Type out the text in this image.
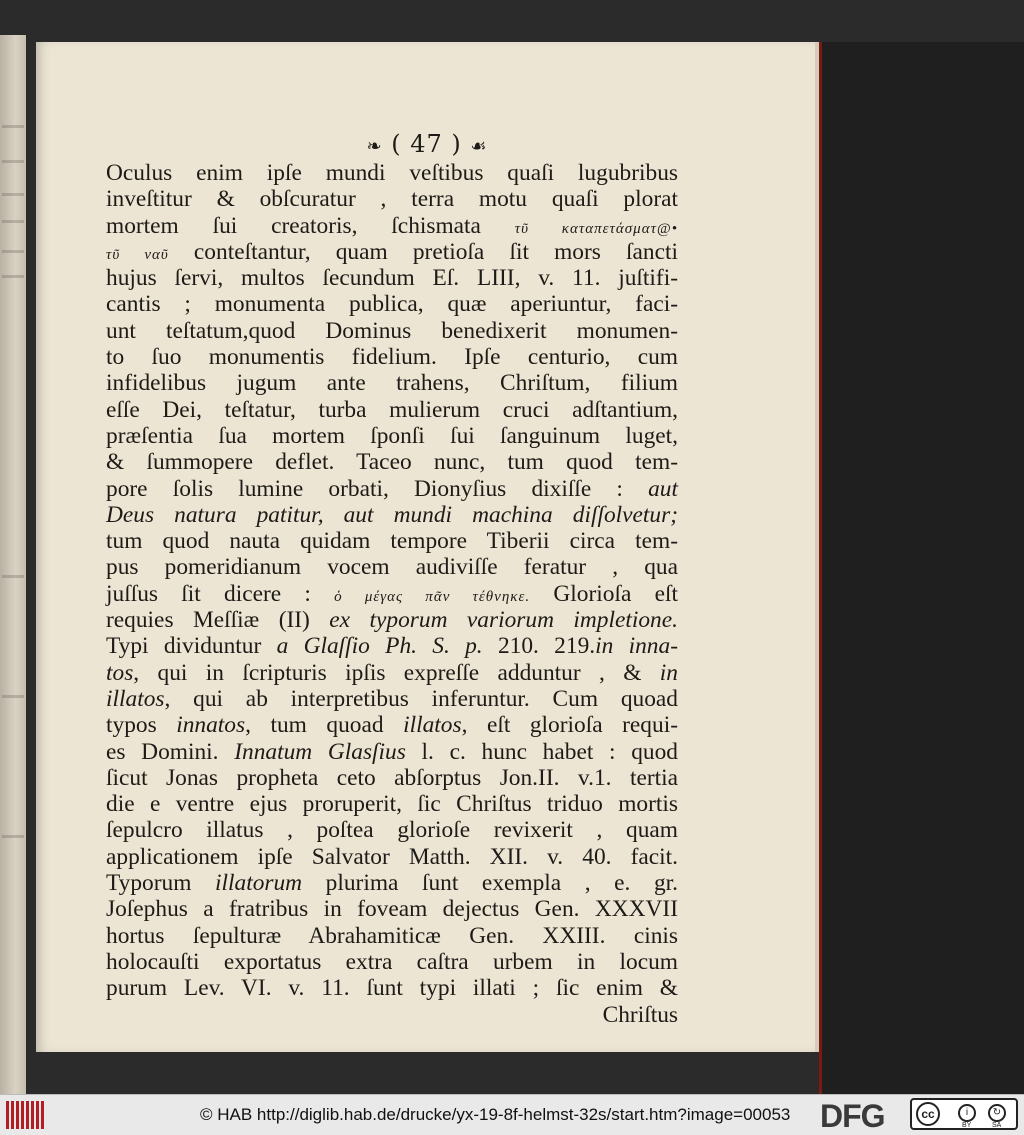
❧ ( 47 ) ☙
Oculus enim ipſe mundi veſtibus quaſi lugubribus
inveſtitur & obſcuratur , terra motu quaſi plorat
mortem ſui creatoris, ſchismata τῦ καταπετάσματ@•
τῦ ναῦ conteſtantur, quam pretioſa ſit mors ſancti
hujus ſervi, multos ſecundum Eſ. LIII, v. 11. juſtifi-
cantis ; monumenta publica, quæ aperiuntur, faci-
unt teſtatum,quod Dominus benedixerit monumen-
to ſuo monumentis fidelium. Ipſe centurio, cum
infidelibus jugum ante trahens, Chriſtum, filium
eſſe Dei, teſtatur, turba mulierum cruci adſtantium,
præſentia ſua mortem ſponſi ſui ſanguinum luget,
& ſummopere deflet. Taceo nunc, tum quod tem-
pore ſolis lumine orbati, Dionyſius dixiſſe : aut
Deus natura patitur, aut mundi machina diſſolvetur;
tum quod nauta quidam tempore Tiberii circa tem-
pus pomeridianum vocem audiviſſe feratur , qua
juſſus ſit dicere : ὁ μέγας πᾶν τέθνηκε. Glorioſa eſt
requies Meſſiæ (II) ex typorum variorum impletione.
Typi dividuntur a Glaſſio Ph. S. p. 210. 219.in inna-
tos, qui in ſcripturis ipſis expreſſe adduntur , & in
illatos, qui ab interpretibus inferuntur. Cum quoad
typos innatos, tum quoad illatos, eſt glorioſa requi-
es Domini. Innatum Glasſius l. c. hunc habet : quod
ſicut Jonas propheta ceto abſorptus Jon.II. v.1. tertia
die e ventre ejus proruperit, ſic Chriſtus triduo mortis
ſepulcro illatus , poſtea glorioſe revixerit , quam
applicationem ipſe Salvator Matth. XII. v. 40. facit.
Typorum illatorum plurima ſunt exempla , e. gr.
Joſephus a fratribus in foveam dejectus Gen. XXXVII
hortus ſepulturæ Abrahamiticæ Gen. XXIII. cinis
holocauſti exportatus extra caſtra urbem in locum
purum Lev. VI. v. 11. ſunt typi illati ; ſic enim &
Chriſtus
© HAB http://diglib.hab.de/drucke/yx-19-8f-helmst-32s/start.htm?image=00053 DFG	cc	i	↻
BY	SA
